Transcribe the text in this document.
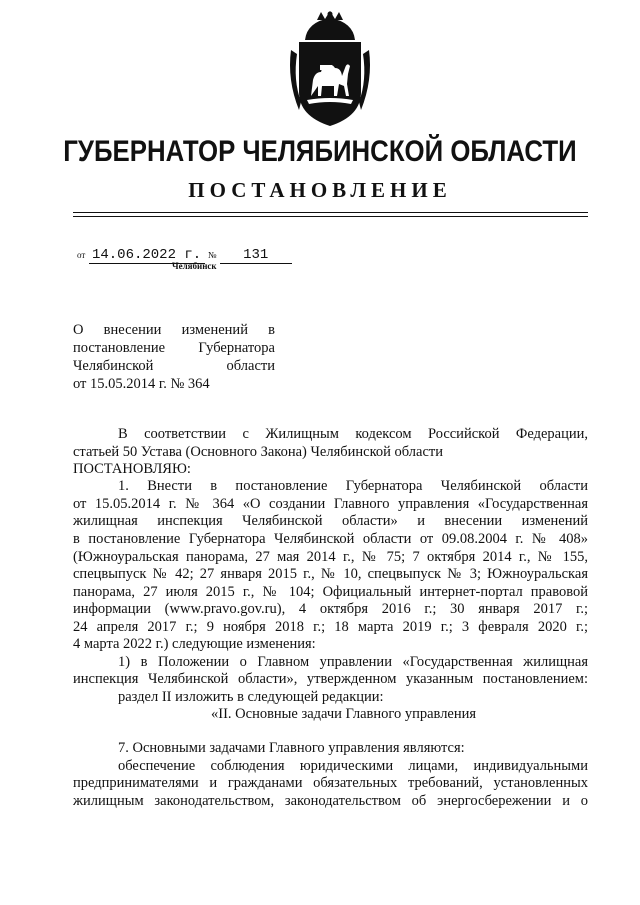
ГУБЕРНАТОР ЧЕЛЯБИНСКОЙ ОБЛАСТИ
ПОСТАНОВЛЕНИЕ
от 14.06.2022 г. № 131
Челябинск
О внесении изменений в
постановление Губернатора
Челябинской области
от 15.05.2014 г. № 364
В соответствии с Жилищным кодексом Российской Федерации,
статьей 50 Устава (Основного Закона) Челябинской области
ПОСТАНОВЛЯЮ:
1. Внести в постановление Губернатора Челябинской области
от 15.05.2014 г. № 364 «О создании Главного управления «Государственная
жилищная инспекция Челябинской области» и внесении изменений
в постановление Губернатора Челябинской области от 09.08.2004 г. № 408»
(Южноуральская панорама, 27 мая 2014 г., № 75; 7 октября 2014 г., № 155,
спецвыпуск № 42; 27 января 2015 г., № 10, спецвыпуск № 3; Южноуральская
панорама, 27 июля 2015 г., № 104; Официальный интернет-портал правовой
информации (www.pravo.gov.ru), 4 октября 2016 г.; 30 января 2017 г.;
24 апреля 2017 г.; 9 ноября 2018 г.; 18 марта 2019 г.; 3 февраля 2020 г.;
4 марта 2022 г.) следующие изменения:
1) в Положении о Главном управлении «Государственная жилищная
инспекция Челябинской области», утвержденном указанным постановлением:
раздел II изложить в следующей редакции:
«II. Основные задачи Главного управления
7. Основными задачами Главного управления являются:
обеспечение соблюдения юридическими лицами, индивидуальными
предпринимателями и гражданами обязательных требований, установленных
жилищным законодательством, законодательством об энергосбережении и о
